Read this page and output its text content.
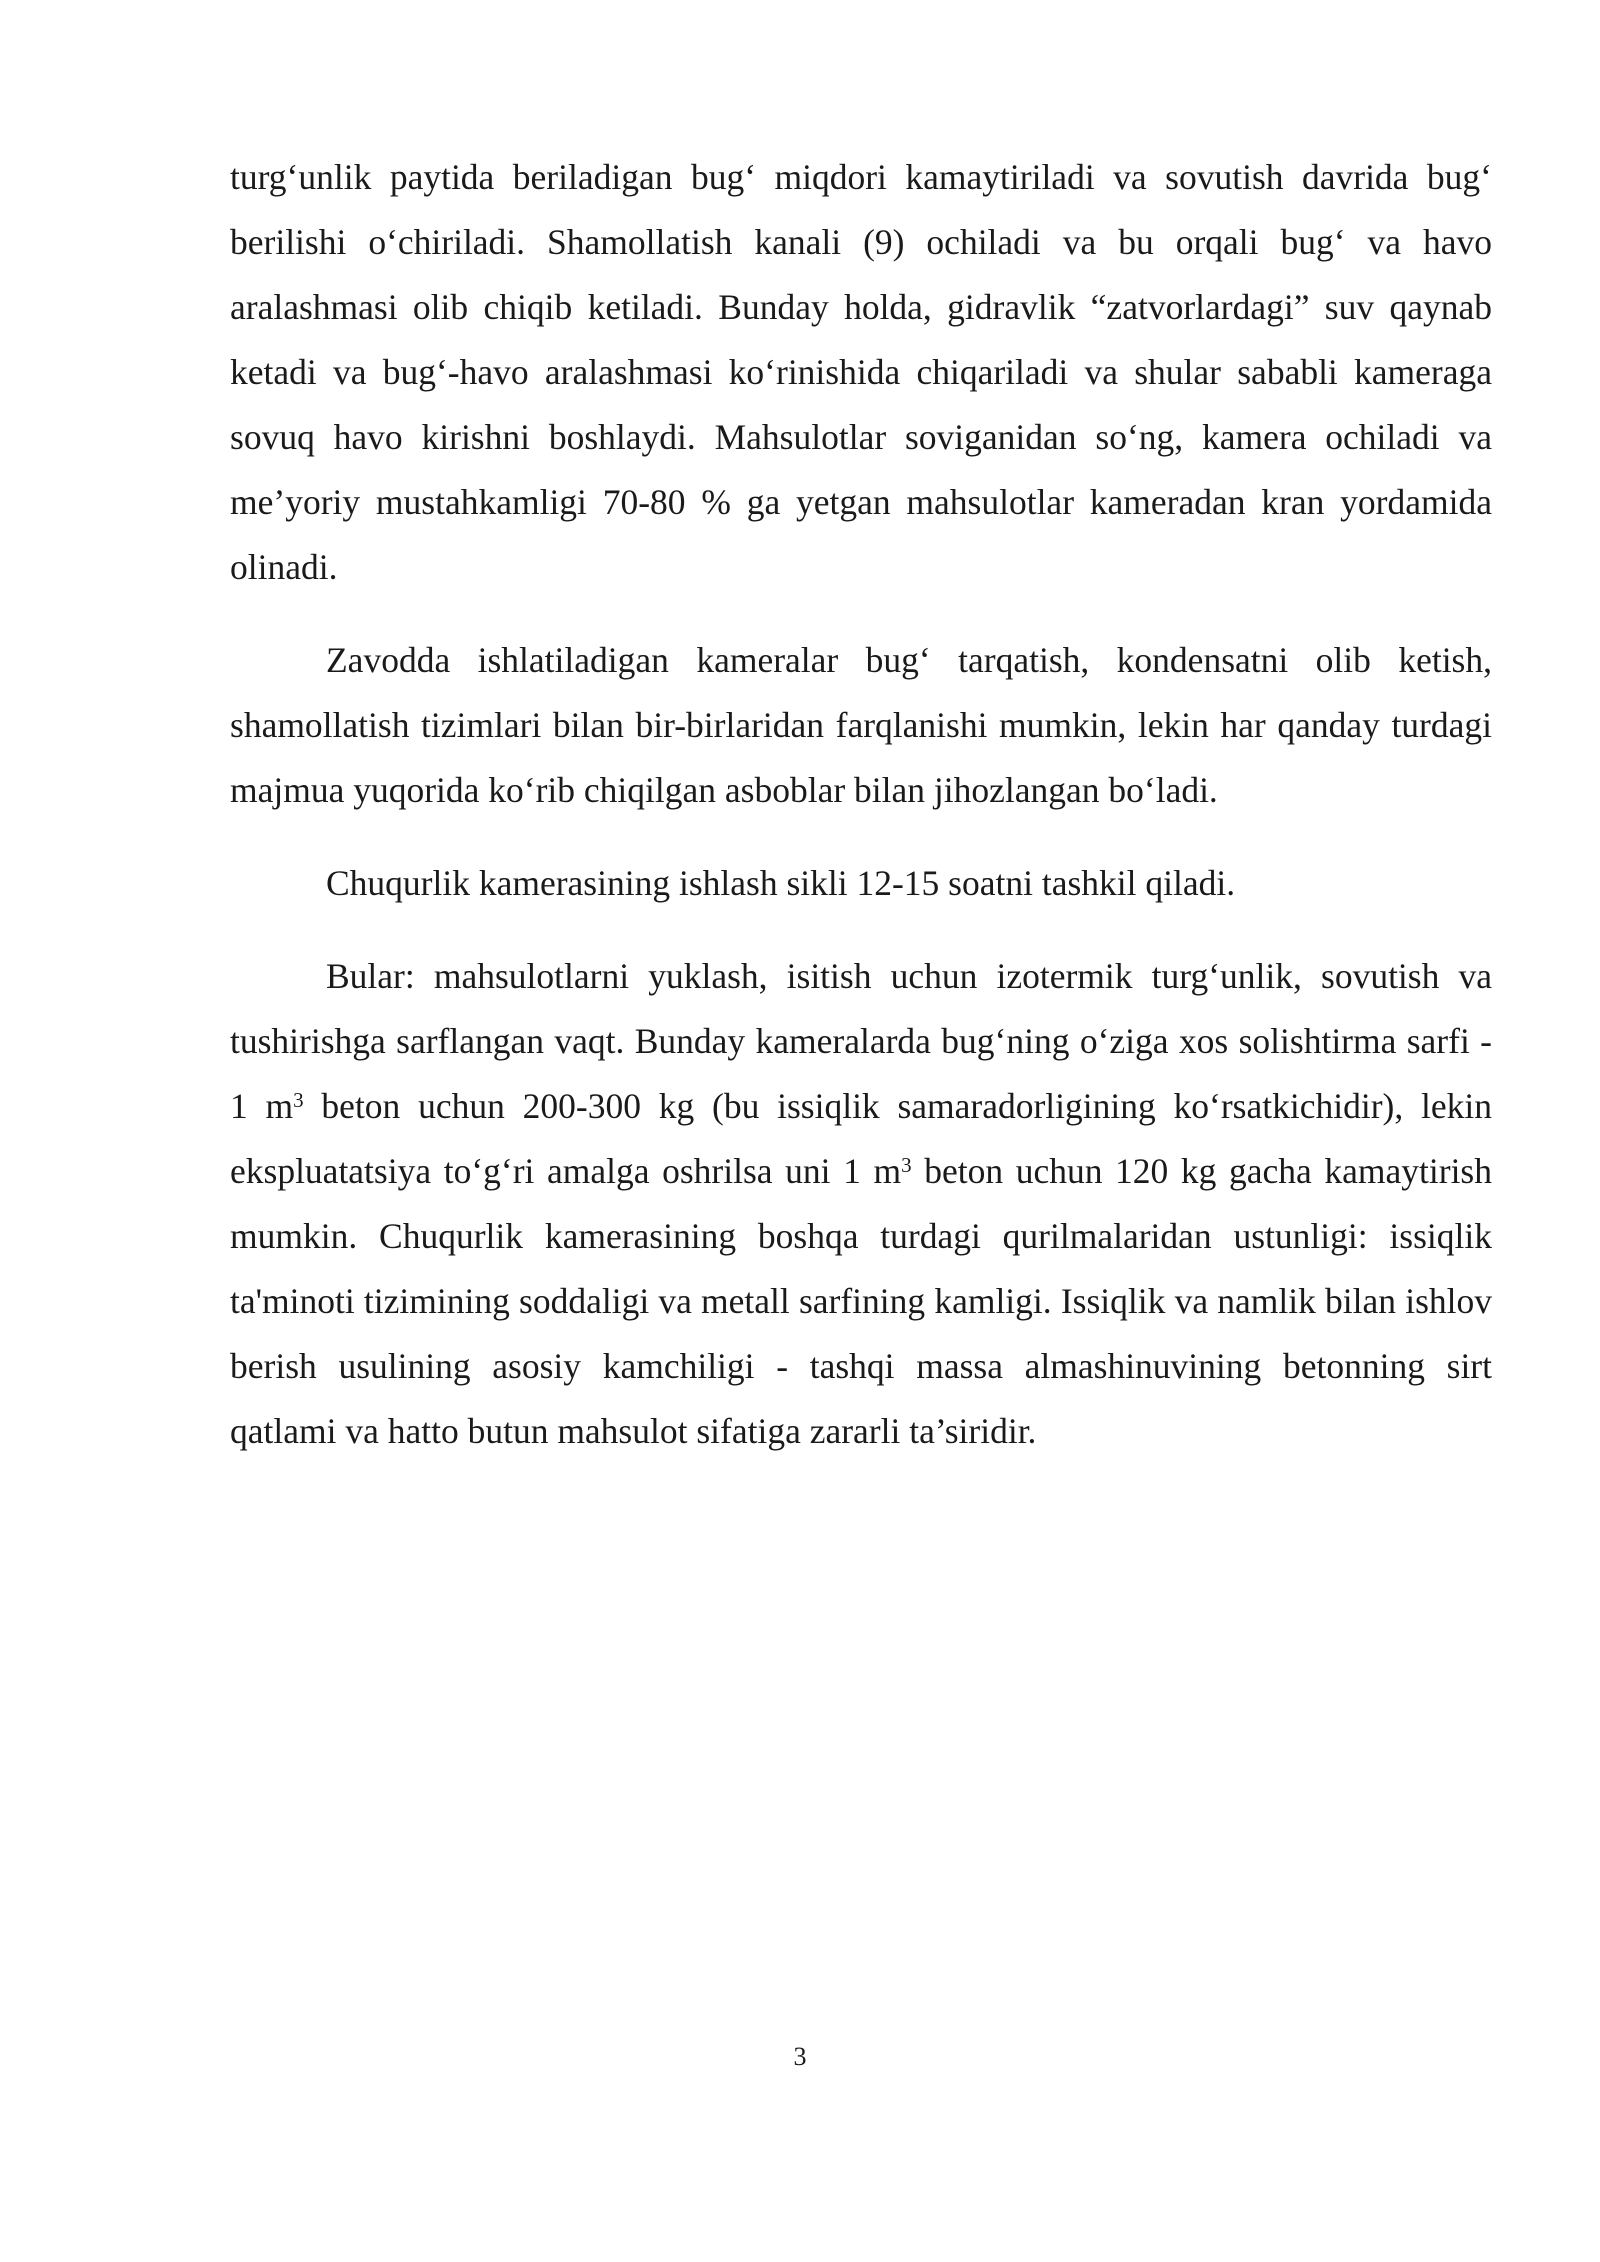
turg‘unlik paytida beriladigan bug‘ miqdori kamaytiriladi va sovutish davrida bug‘ berilishi o‘chiriladi. Shamollatish kanali (9) ochiladi va bu orqali bug‘ va havo aralashmasi olib chiqib ketiladi. Bunday holda, gidravlik “zatvorlardagi” suv qaynab ketadi va bug‘-havo aralashmasi ko‘rinishida chiqariladi va shular sababli kameraga sovuq havo kirishni boshlaydi. Mahsulotlar soviganidan so‘ng, kamera ochiladi va me’yoriy mustahkamligi 70-80 % ga yetgan mahsulotlar kameradan kran yordamida olinadi.

Zavodda ishlatiladigan kameralar bug‘ tarqatish, kondensatni olib ketish, shamollatish tizimlari bilan bir-birlaridan farqlanishi mumkin, lekin har qanday turdagi majmua yuqorida ko‘rib chiqilgan asboblar bilan jihozlangan bo‘ladi.

Chuqurlik kamerasining ishlash sikli 12-15 soatni tashkil qiladi.

Bular: mahsulotlarni yuklash, isitish uchun izotermik turg‘unlik, sovutish va tushirishga sarflangan vaqt. Bunday kameralarda bug‘ning o‘ziga xos solishtirma sarfi - 1 $m^3$ beton uchun 200-300 kg (bu issiqlik samaradorligining ko‘rsatkichidir), lekin ekspluatatsiya to‘g‘ri amalga oshrilsa uni 1 $m^3$ beton uchun 120 kg gacha kamaytirish mumkin. Chuqurlik kamerasining boshqa turdagi qurilmalaridan ustunligi: issiqlik ta'minoti tizimining soddaligi va metall sarfining kamligi. Issiqlik va namlik bilan ishlov berish usulining asosiy kamchiligi - tashqi massa almashinuvining betonning sirt qatlami va hatto butun mahsulot sifatiga zararli ta’siridir.

3
